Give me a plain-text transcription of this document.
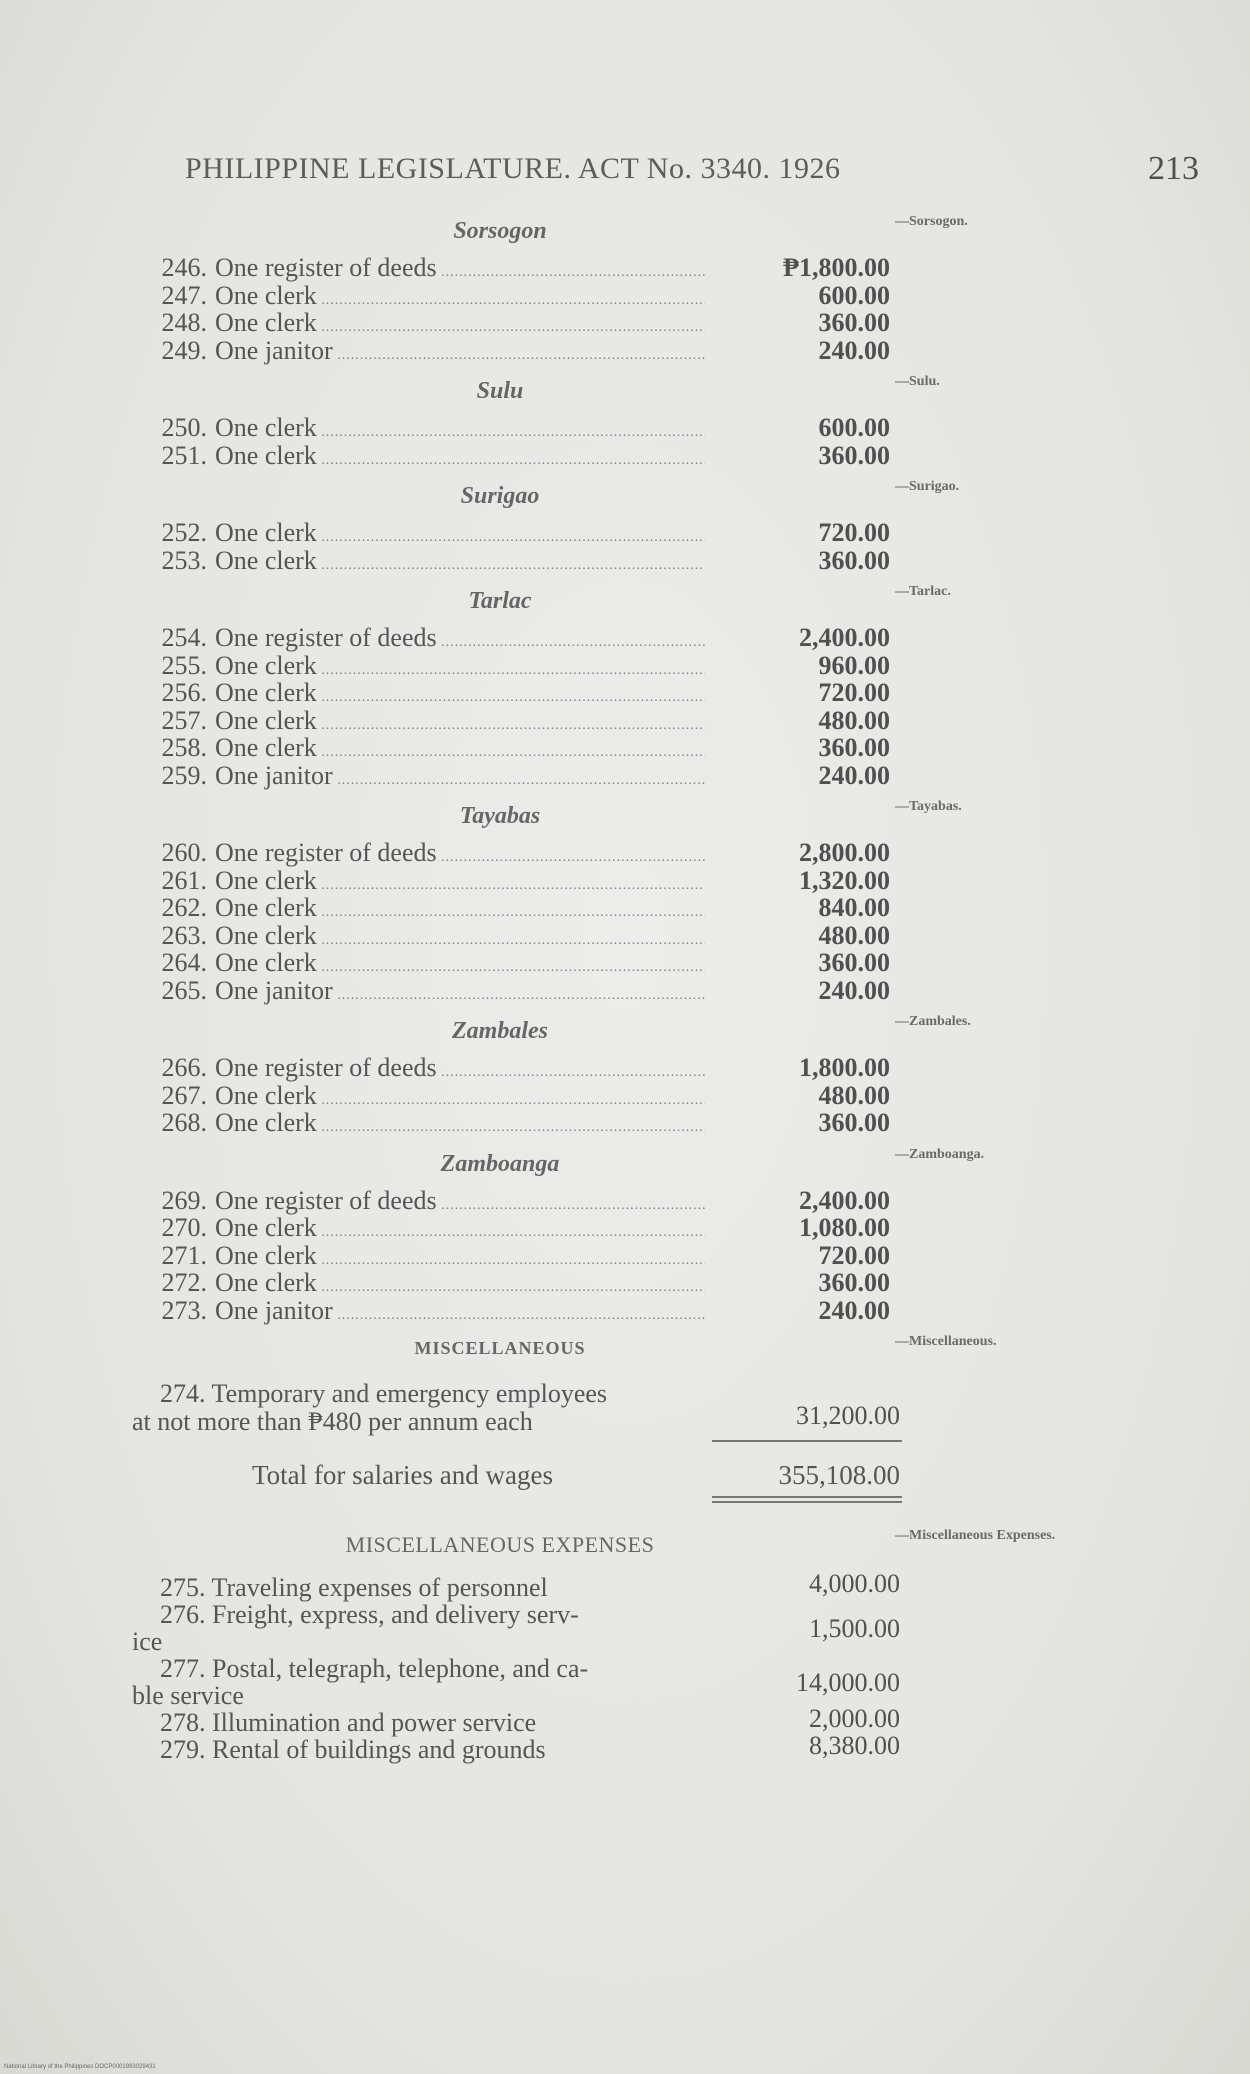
PHILIPPINE LEGISLATURE. ACT No. 3340. 1926	213
Sorsogon	—Sorsogon.
246. One register of deeds .....	₱1,800.00
247. One clerk .....	600.00
248. One clerk .....	360.00
249. One janitor .....	240.00
Sulu	—Sulu.
250. One clerk .....	600.00
251. One clerk .....	360.00
Surigao	—Surigao.
252. One clerk .....	720.00
253. One clerk .....	360.00
Tarlac	—Tarlac.
254. One register of deeds .....	2,400.00
255. One clerk .....	960.00
256. One clerk .....	720.00
257. One clerk .....	480.00
258. One clerk .....	360.00
259. One janitor .....	240.00
Tayabas	—Tayabas.
260. One register of deeds .....	2,800.00
261. One clerk .....	1,320.00
262. One clerk .....	840.00
263. One clerk .....	480.00
264. One clerk .....	360.00
265. One janitor .....	240.00
Zambales	—Zambales.
266. One register of deeds .....	1,800.00
267. One clerk .....	480.00
268. One clerk .....	360.00
Zamboanga	—Zamboanga.
269. One register of deeds .....	2,400.00
270. One clerk .....	1,080.00
271. One clerk .....	720.00
272. One clerk .....	360.00
273. One janitor .....	240.00
MISCELLANEOUS	—Miscellaneous.
274. Temporary and emergency employees
at not more than ₱480 per annum each	31,200.00
Total for salaries and wages	355,108.00
MISCELLANEOUS EXPENSES	—Miscellaneous Expenses.
275. Traveling expenses of personnel	4,000.00
276. Freight, express, and delivery serv-
ice	1,500.00
277. Postal, telegraph, telephone, and ca-
ble service	14,000.00
278. Illumination and power service	2,000.00
279. Rental of buildings and grounds	8,380.00
National Library of the Philippines DOCP0001993029431
